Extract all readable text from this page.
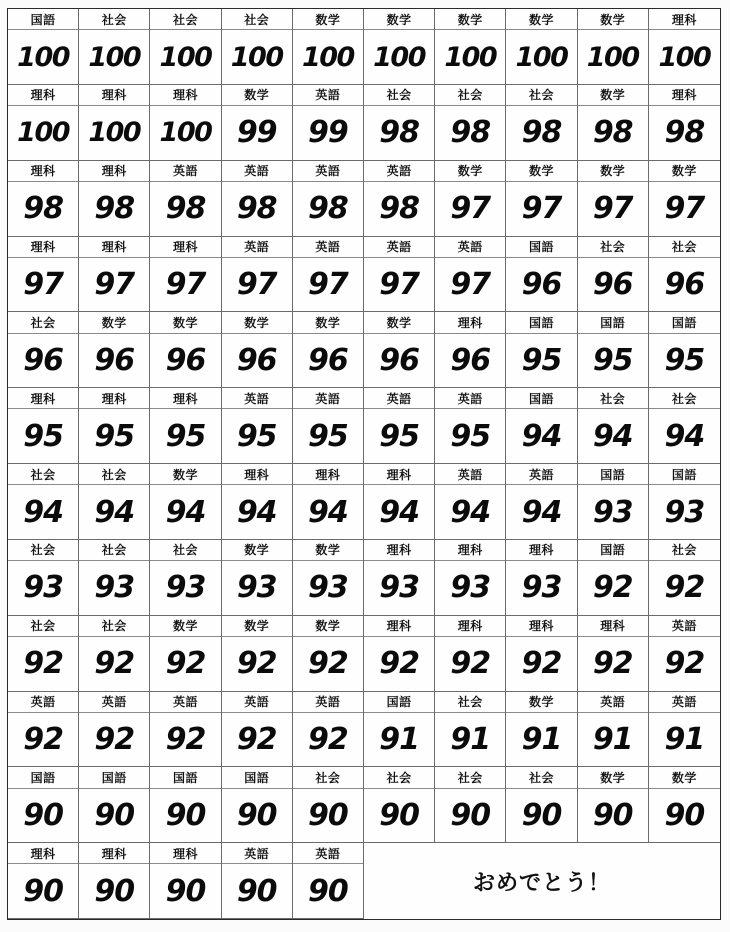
国語
100
社会
100
社会
100
社会
100
数学
100
数学
100
数学
100
数学
100
数学
100
理科
100
理科
100
理科
100
理科
100
数学
99
英語
99
社会
98
社会
98
社会
98
数学
98
理科
98
理科
98
理科
98
英語
98
英語
98
英語
98
英語
98
数学
97
数学
97
数学
97
数学
97
理科
97
理科
97
理科
97
英語
97
英語
97
英語
97
英語
97
国語
96
社会
96
社会
96
社会
96
数学
96
数学
96
数学
96
数学
96
数学
96
理科
96
国語
95
国語
95
国語
95
理科
95
理科
95
理科
95
英語
95
英語
95
英語
95
英語
95
国語
94
社会
94
社会
94
社会
94
社会
94
数学
94
理科
94
理科
94
理科
94
英語
94
英語
94
国語
93
国語
93
社会
93
社会
93
社会
93
数学
93
数学
93
理科
93
理科
93
理科
93
国語
92
社会
92
社会
92
社会
92
数学
92
数学
92
数学
92
理科
92
理科
92
理科
92
理科
92
英語
92
英語
92
英語
92
英語
92
英語
92
英語
92
国語
91
社会
91
数学
91
英語
91
英語
91
国語
90
国語
90
国語
90
国語
90
社会
90
社会
90
社会
90
社会
90
数学
90
数学
90
理科
90
理科
90
理科
90
英語
90
英語
90	おめでとう！
